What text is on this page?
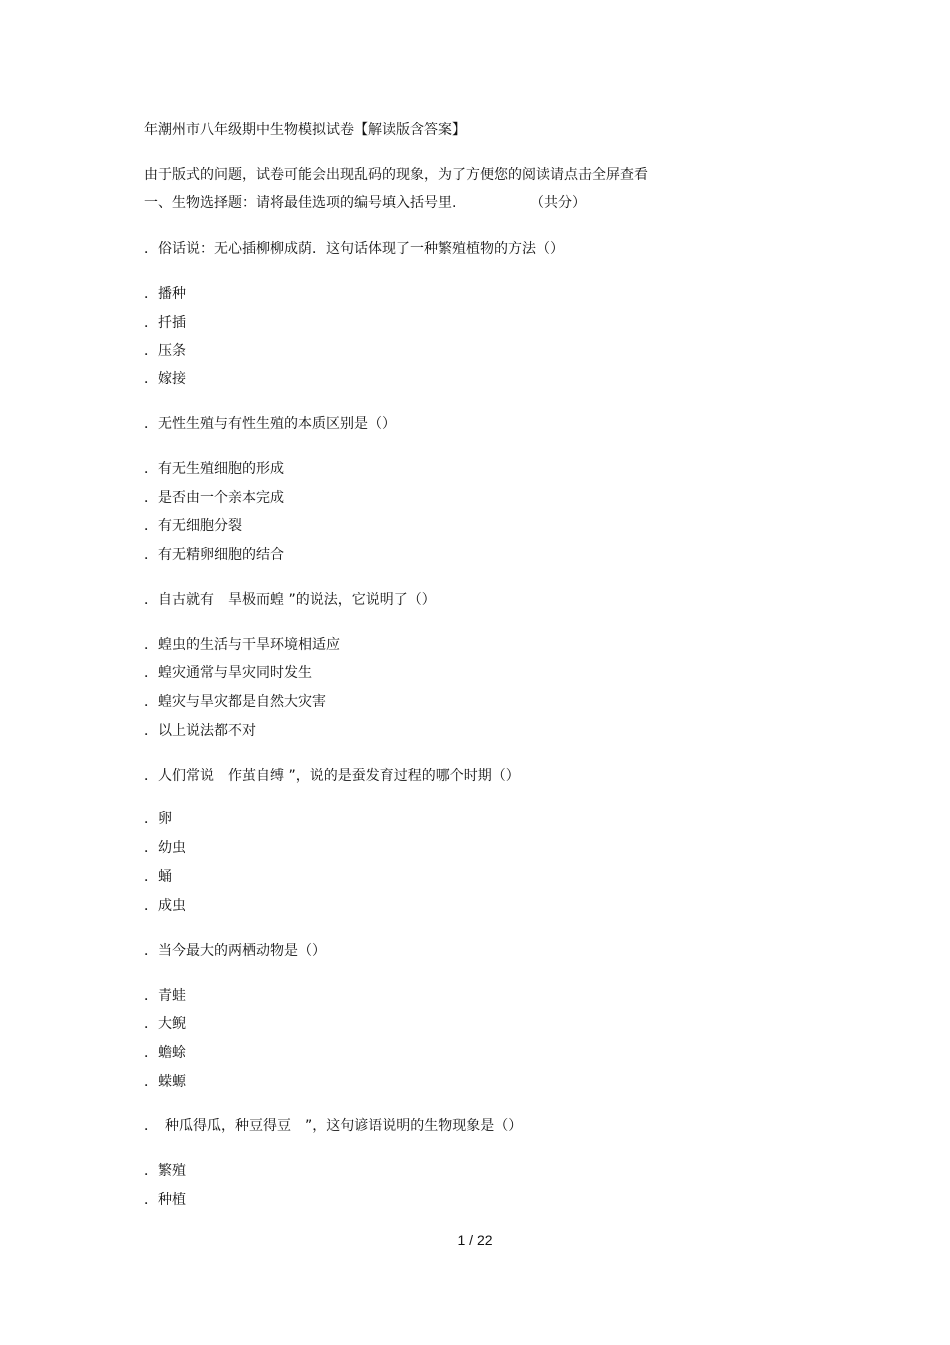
年潮州市八年级期中生物模拟试卷【解读版含答案】
由于版式的问题，试卷可能会出现乱码的现象，为了方便您的阅读请点击全屏查看
一、生物选择题：请将最佳选项的编号填入括号里.	（共分）
．俗话说：无心插柳柳成荫．这句话体现了一种繁殖植物的方法（）
．播种
．扦插
．压条
．嫁接
．无性生殖与有性生殖的本质区别是（）
．有无生殖细胞的形成
．是否由一个亲本完成
．有无细胞分裂
．有无精卵细胞的结合
．自古就有　旱极而蝗 ”的说法，它说明了（）
．蝗虫的生活与干旱环境相适应
．蝗灾通常与旱灾同时发生
．蝗灾与旱灾都是自然大灾害
．以上说法都不对
．人们常说　作茧自缚 ”，说的是蚕发育过程的哪个时期（）
．卵
．幼虫
．蛹
．成虫
．当今最大的两栖动物是（）
．青蛙
．大鲵
．蟾蜍
．蝾螈
．　种瓜得瓜，种豆得豆　”，这句谚语说明的生物现象是（）
．繁殖
．种植
1 / 22
